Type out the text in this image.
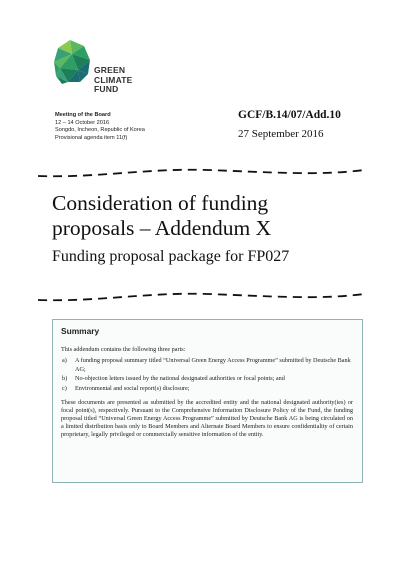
GREEN
CLIMATE
FUND
Meeting of the Board
12 – 14 October 2016
Songdo, Incheon, Republic of Korea
Provisional agenda item 11(f)
GCF/B.14/07/Add.10
27 September 2016
Consideration of funding
proposals – Addendum X
Funding proposal package for FP027
Summary
This addendum contains the following three parts:
a)	A funding proposal summary titled “Universal Green Energy Access Programme” submitted by Deutsche Bank AG;
b)	No-objection letters issued by the national designated authorities or focal points; and
c)	Environmental and social report(s) disclosure;
These documents are presented as submitted by the accredited entity and the national designated authority(ies) or focal point(s), respectively. Pursuant to the Comprehensive Information Disclosure Policy of the Fund, the funding proposal titled “Universal Green Energy Access Programme” submitted by Deutsche Bank AG is being circulated on a limited distribution basis only to Board Members and Alternate Board Members to ensure confidentiality of certain proprietary, legally privileged or commercially sensitive information of the entity.
